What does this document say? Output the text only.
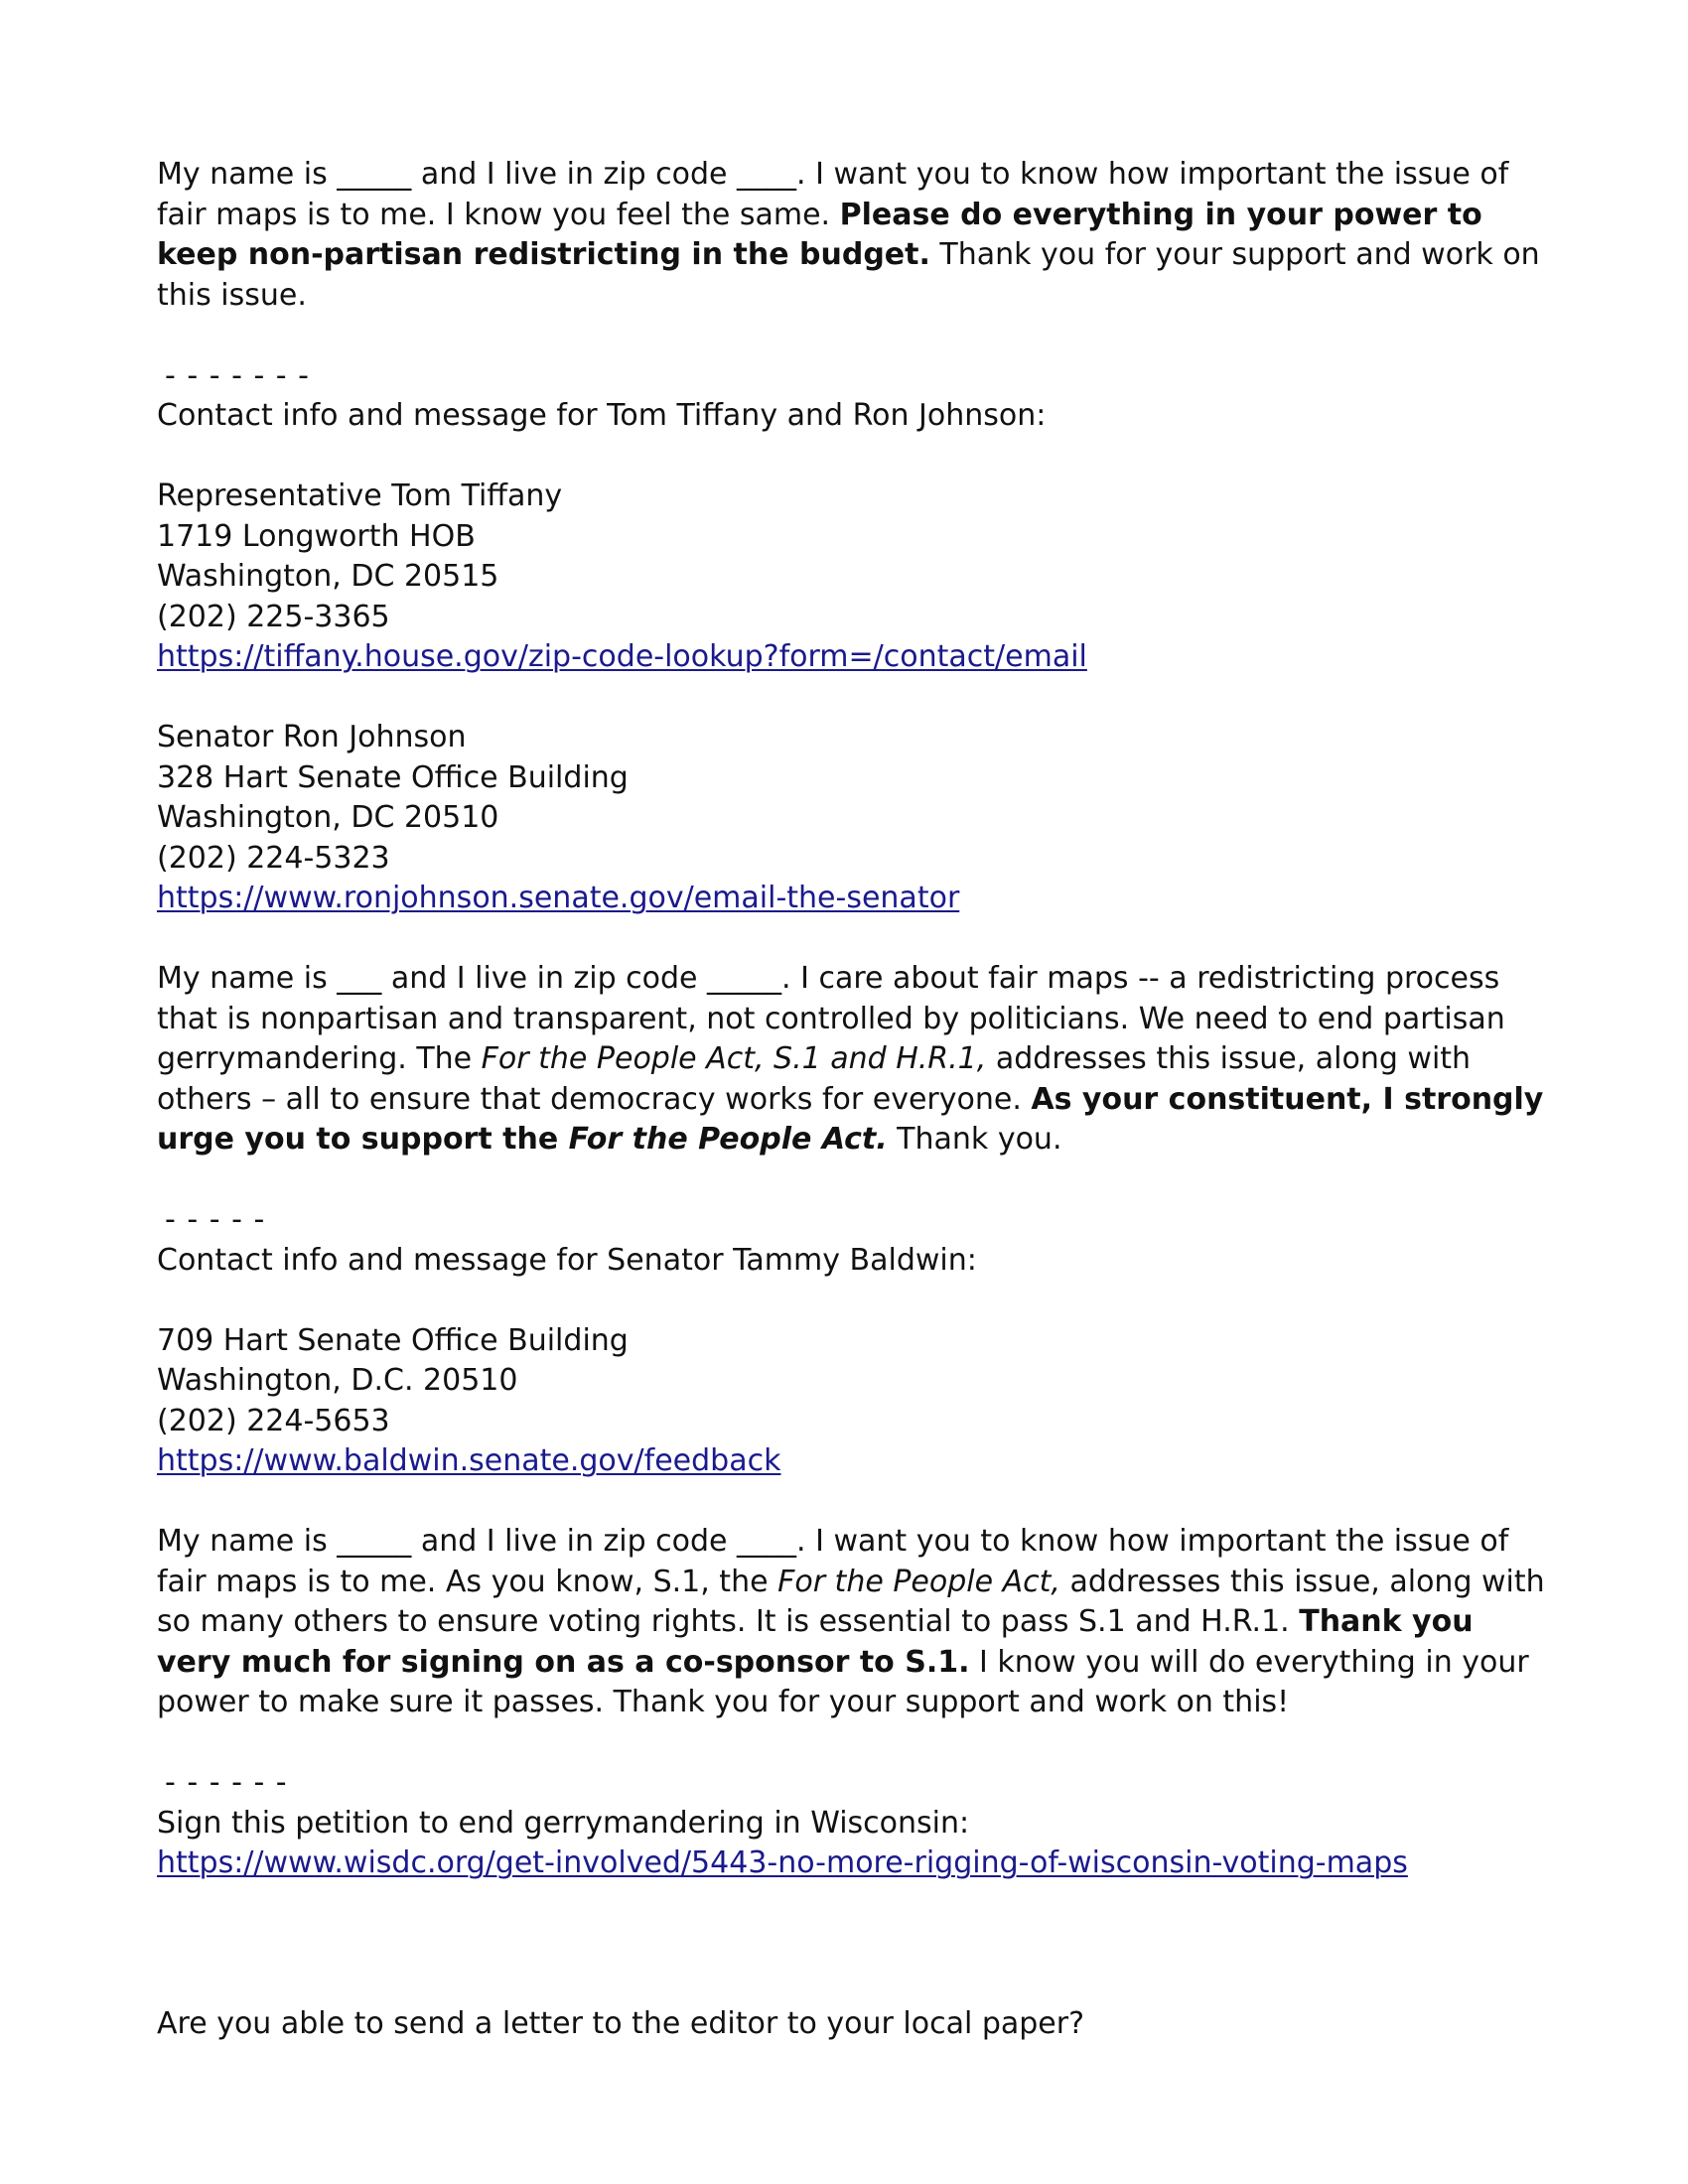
My name is _____ and I live in zip code ____. I want you to know how important the issue of fair maps is to me. I know you feel the same. Please do everything in your power to keep non-partisan redistricting in the budget. Thank you for your support and work on this issue.

- - - - - - -
Contact info and message for Tom Tiffany and Ron Johnson:
Representative Tom Tiffany
1719 Longworth HOB
Washington, DC 20515
(202) 225-3365
https://tiffany.house.gov/zip-code-lookup?form=/contact/email
Senator Ron Johnson
328 Hart Senate Office Building
Washington, DC 20510
(202) 224-5323
https://www.ronjohnson.senate.gov/email-the-senator

My name is ___ and I live in zip code _____. I care about fair maps -- a redistricting process that is nonpartisan and transparent, not controlled by politicians. We need to end partisan gerrymandering. The For the People Act, S.1 and H.R.1, addresses this issue, along with others – all to ensure that democracy works for everyone. As your constituent, I strongly urge you to support the For the People Act. Thank you.

- - - - -
Contact info and message for Senator Tammy Baldwin:
709 Hart Senate Office Building
Washington, D.C. 20510
(202) 224-5653
https://www.baldwin.senate.gov/feedback

My name is _____ and I live in zip code ____. I want you to know how important the issue of fair maps is to me. As you know, S.1, the For the People Act, addresses this issue, along with so many others to ensure voting rights. It is essential to pass S.1 and H.R.1. Thank you very much for signing on as a co-sponsor to S.1. I know you will do everything in your power to make sure it passes. Thank you for your support and work on this!

- - - - - -
Sign this petition to end gerrymandering in Wisconsin:
https://www.wisdc.org/get-involved/5443-no-more-rigging-of-wisconsin-voting-maps
Are you able to send a letter to the editor to your local paper?
